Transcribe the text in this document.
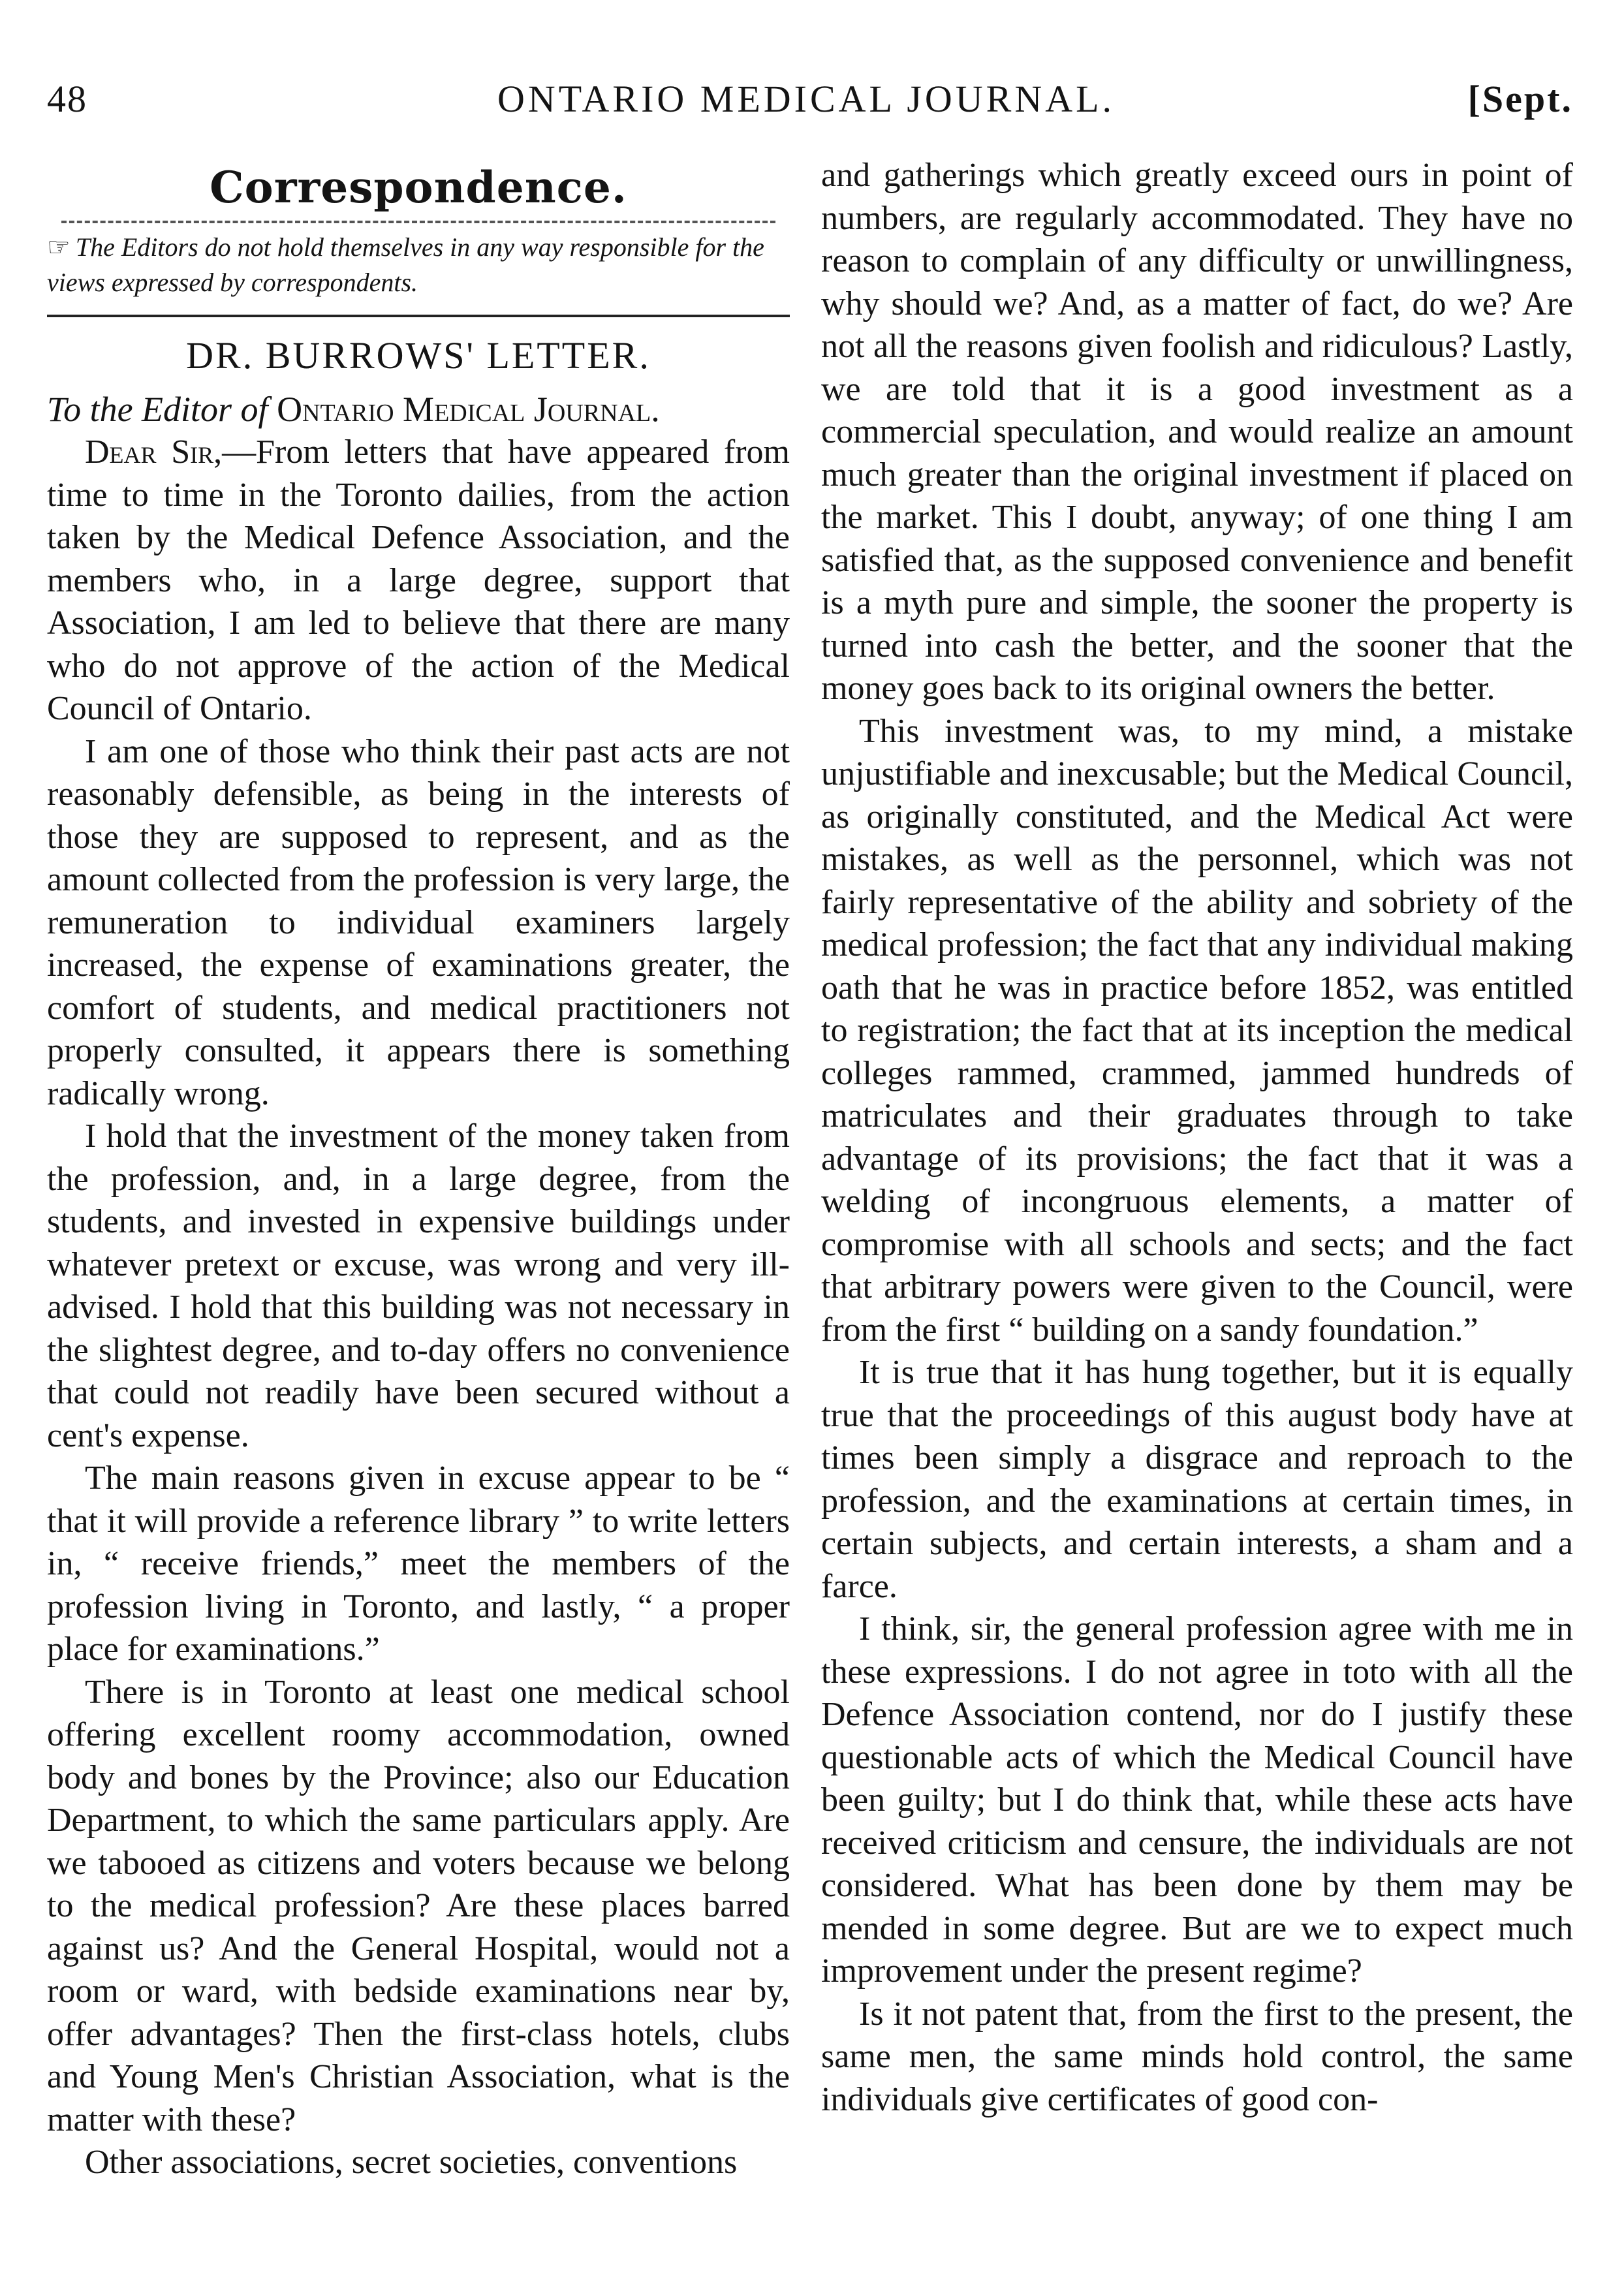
48	ONTARIO MEDICAL JOURNAL.	[Sept.
Correspondence.
☞ The Editors do not hold themselves in any way responsible for the views expressed by correspondents.
DR. BURROWS' LETTER.

To the Editor of Ontario Medical Journal.

Dear Sir,—From letters that have appeared from time to time in the Toronto dailies, from the action taken by the Medical Defence Association, and the members who, in a large degree, support that Association, I am led to believe that there are many who do not approve of the action of the Medical Council of Ontario.

I am one of those who think their past acts are not reasonably defensible, as being in the interests of those they are supposed to represent, and as the amount collected from the profession is very large, the remuneration to individual examiners largely increased, the expense of examinations greater, the comfort of students, and medical practitioners not properly consulted, it appears there is something radically wrong.

I hold that the investment of the money taken from the profession, and, in a large degree, from the students, and invested in expensive buildings under whatever pretext or excuse, was wrong and very ill-advised. I hold that this building was not necessary in the slightest degree, and to-day offers no convenience that could not readily have been secured without a cent's expense.

The main reasons given in excuse appear to be “ that it will provide a reference library ” to write letters in, “ receive friends,” meet the members of the profession living in Toronto, and lastly, “ a proper place for examinations.”

There is in Toronto at least one medical school offering excellent roomy accommodation, owned body and bones by the Province; also our Education Department, to which the same particulars apply. Are we tabooed as citizens and voters because we belong to the medical profession? Are these places barred against us? And the General Hospital, would not a room or ward, with bedside examinations near by, offer advantages? Then the first-class hotels, clubs and Young Men's Christian Association, what is the matter with these?

Other associations, secret societies, conventions

and gatherings which greatly exceed ours in point of numbers, are regularly accommodated. They have no reason to complain of any difficulty or unwillingness, why should we? And, as a matter of fact, do we? Are not all the reasons given foolish and ridiculous? Lastly, we are told that it is a good investment as a commercial speculation, and would realize an amount much greater than the original investment if placed on the market. This I doubt, anyway; of one thing I am satisfied that, as the supposed convenience and benefit is a myth pure and simple, the sooner the property is turned into cash the better, and the sooner that the money goes back to its original owners the better.

This investment was, to my mind, a mistake unjustifiable and inexcusable; but the Medical Council, as originally constituted, and the Medical Act were mistakes, as well as the personnel, which was not fairly representative of the ability and sobriety of the medical profession; the fact that any individual making oath that he was in practice before 1852, was entitled to registration; the fact that at its inception the medical colleges rammed, crammed, jammed hundreds of matriculates and their graduates through to take advantage of its provisions; the fact that it was a welding of incongruous elements, a matter of compromise with all schools and sects; and the fact that arbitrary powers were given to the Council, were from the first “ building on a sandy foundation.”

It is true that it has hung together, but it is equally true that the proceedings of this august body have at times been simply a disgrace and reproach to the profession, and the examinations at certain times, in certain subjects, and certain interests, a sham and a farce.

I think, sir, the general profession agree with me in these expressions. I do not agree in toto with all the Defence Association contend, nor do I justify these questionable acts of which the Medical Council have been guilty; but I do think that, while these acts have received criticism and censure, the individuals are not considered. What has been done by them may be mended in some degree. But are we to expect much improvement under the present regime?

Is it not patent that, from the first to the present, the same men, the same minds hold control, the same individuals give certificates of good con-
